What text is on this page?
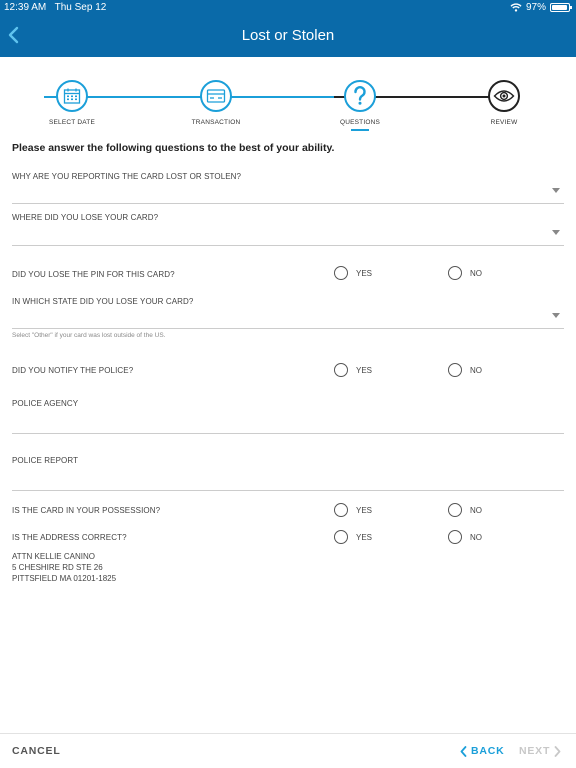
12:39 AM Thu Sep 12	97%
Lost or Stolen
SELECT DATE	TRANSACTION	QUESTIONS	REVIEW
Please answer the following questions to the best of your ability.
WHY ARE YOU REPORTING THE CARD LOST OR STOLEN?
WHERE DID YOU LOSE YOUR CARD?
DID YOU LOSE THE PIN FOR THIS CARD?	YES	NO
IN WHICH STATE DID YOU LOSE YOUR CARD?
Select "Other" if your card was lost outside of the US.
DID YOU NOTIFY THE POLICE?	YES	NO
POLICE AGENCY
POLICE REPORT
IS THE CARD IN YOUR POSSESSION?	YES	NO
IS THE ADDRESS CORRECT?	YES	NO
ATTN KELLIE CANINO
5 CHESHIRE RD STE 26
PITTSFIELD MA 01201-1825
CANCEL	BACK NEXT
